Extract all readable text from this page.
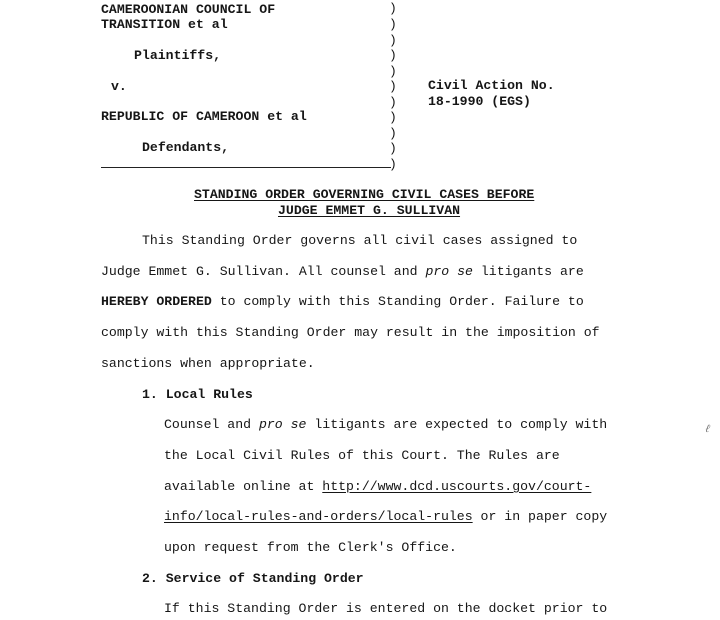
CAMEROONIAN COUNCIL OF
TRANSITION et al
Plaintiffs,
v.
REPUBLIC OF CAMEROON et al
Defendants,
)
)
)
)
)
)
)
)
)
)
)
Civil Action No.
18-1990 (EGS)
STANDING ORDER GOVERNING CIVIL CASES BEFORE
JUDGE EMMET G. SULLIVAN
This Standing Order governs all civil cases assigned to
Judge Emmet G. Sullivan. All counsel and pro se litigants are
HEREBY ORDERED to comply with this Standing Order. Failure to
comply with this Standing Order may result in the imposition of
sanctions when appropriate.
1. Local Rules
Counsel and pro se litigants are expected to comply with
the Local Civil Rules of this Court. The Rules are
available online at http://www.dcd.uscourts.gov/court-
info/local-rules-and-orders/local-rules or in paper copy
upon request from the Clerk's Office.
2. Service of Standing Order
If this Standing Order is entered on the docket prior to
ℓ
